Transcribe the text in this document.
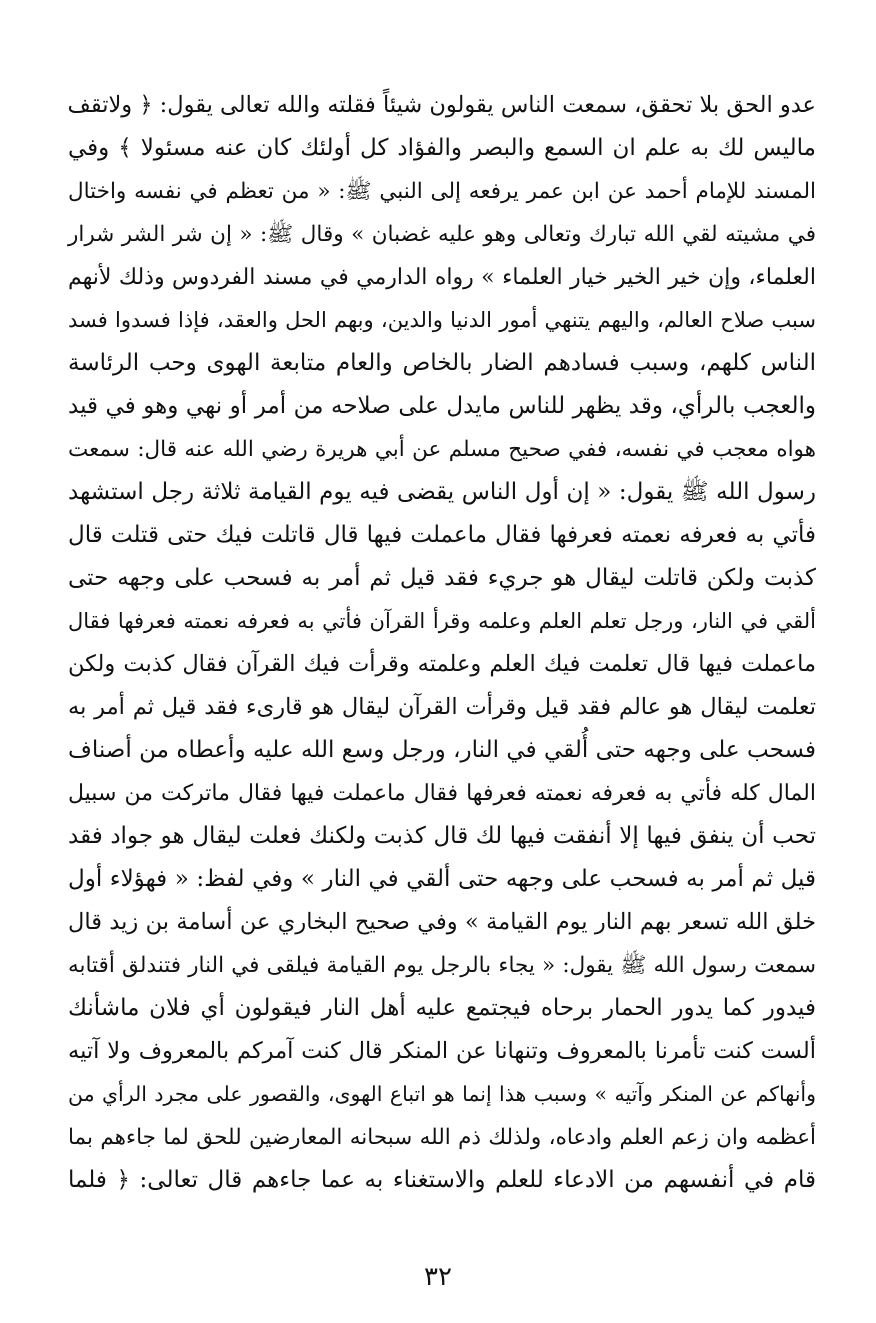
عدو الحق بلا تحقق، سمعت الناس يقولون شيئاً فقلته والله تعالى يقول: ﴿ ولاتقف
ماليس لك به علم ان السمع والبصر والفؤاد كل أولئك كان عنه مسئولا ﴾ وفي
المسند للإمام أحمد عن ابن عمر يرفعه إلى النبي ﷺ: « من تعظم في نفسه واختال
في مشيته لقي الله تبارك وتعالى وهو عليه غضبان » وقال ﷺ: « إن شر الشر شرار
العلماء، وإن خير الخير خيار العلماء » رواه الدارمي في مسند الفردوس وذلك لأنهم
سبب صلاح العالم، واليهم يتنهي أمور الدنيا والدين، وبهم الحل والعقد، فإذا فسدوا فسد
الناس كلهم، وسبب فسادهم الضار بالخاص والعام متابعة الهوى وحب الرئاسة
والعجب بالرأي، وقد يظهر للناس مايدل على صلاحه من أمر أو نهي وهو في قيد
هواه معجب في نفسه، ففي صحيح مسلم عن أبي هريرة رضي الله عنه قال: سمعت
رسول الله ﷺ يقول: « إن أول الناس يقضى فيه يوم القيامة ثلاثة رجل استشهد
فأتي به فعرفه نعمته فعرفها فقال ماعملت فيها قال قاتلت فيك حتى قتلت قال
كذبت ولكن قاتلت ليقال هو جريء فقد قيل ثم أمر به فسحب على وجهه حتى
ألقي في النار، ورجل تعلم العلم وعلمه وقرأ القرآن فأتي به فعرفه نعمته فعرفها فقال
ماعملت فيها قال تعلمت فيك العلم وعلمته وقرأت فيك القرآن فقال كذبت ولكن
تعلمت ليقال هو عالم فقد قيل وقرأت القرآن ليقال هو قارىء فقد قيل ثم أمر به
فسحب على وجهه حتى أُلقي في النار، ورجل وسع الله عليه وأعطاه من أصناف
المال كله فأتي به فعرفه نعمته فعرفها فقال ماعملت فيها فقال ماتركت من سبيل
تحب أن ينفق فيها إلا أنفقت فيها لك قال كذبت ولكنك فعلت ليقال هو جواد فقد
قيل ثم أمر به فسحب على وجهه حتى ألقي في النار » وفي لفظ: « فهؤلاء أول
خلق الله تسعر بهم النار يوم القيامة » وفي صحيح البخاري عن أسامة بن زيد قال
سمعت رسول الله ﷺ يقول: « يجاء بالرجل يوم القيامة فيلقى في النار فتندلق أقتابه
فيدور كما يدور الحمار برحاه فيجتمع عليه أهل النار فيقولون أي فلان ماشأنك
ألست كنت تأمرنا بالمعروف وتنهانا عن المنكر قال كنت آمركم بالمعروف ولا آتيه
وأنهاكم عن المنكر وآتيه » وسبب هذا إنما هو اتباع الهوى، والقصور على مجرد الرأي من
أعظمه وان زعم العلم وادعاه، ولذلك ذم الله سبحانه المعارضين للحق لما جاءهم بما
قام في أنفسهم من الادعاء للعلم والاستغناء به عما جاءهم قال تعالى: ﴿ فلما
٣٢
